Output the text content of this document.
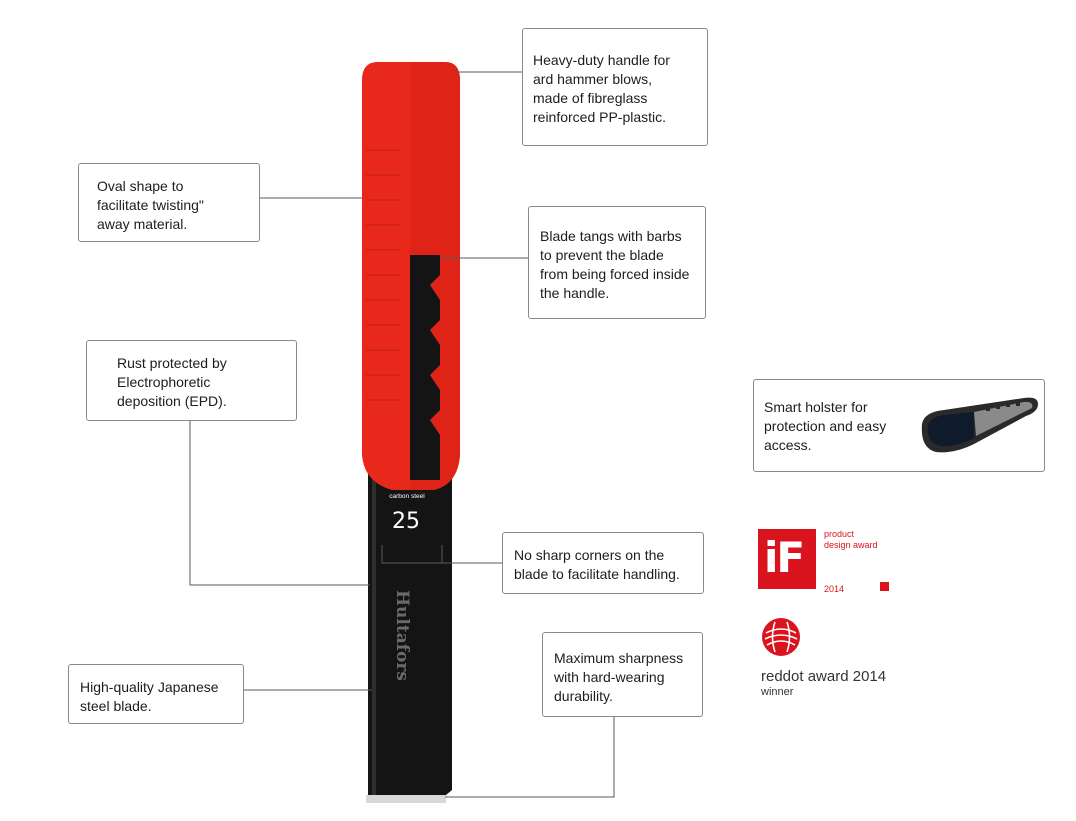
carbon steel
25
Hultafors
Heavy-duty handle for
ard hammer blows,
made of fibreglass
reinforced PP-plastic.
Oval shape to
facilitate twisting"
away material.
Blade tangs with barbs
to prevent the blade
from being forced inside
the handle.
Rust protected by
Electrophoretic
deposition (EPD).	Smart holster for
protection and easy
access.
No sharp corners on the
blade to facilitate handling.
Maximum sharpness
with hard-wearing
durability.
High-quality Japanese
steel blade.
iF product
design award
2014
reddot award 2014
winner
